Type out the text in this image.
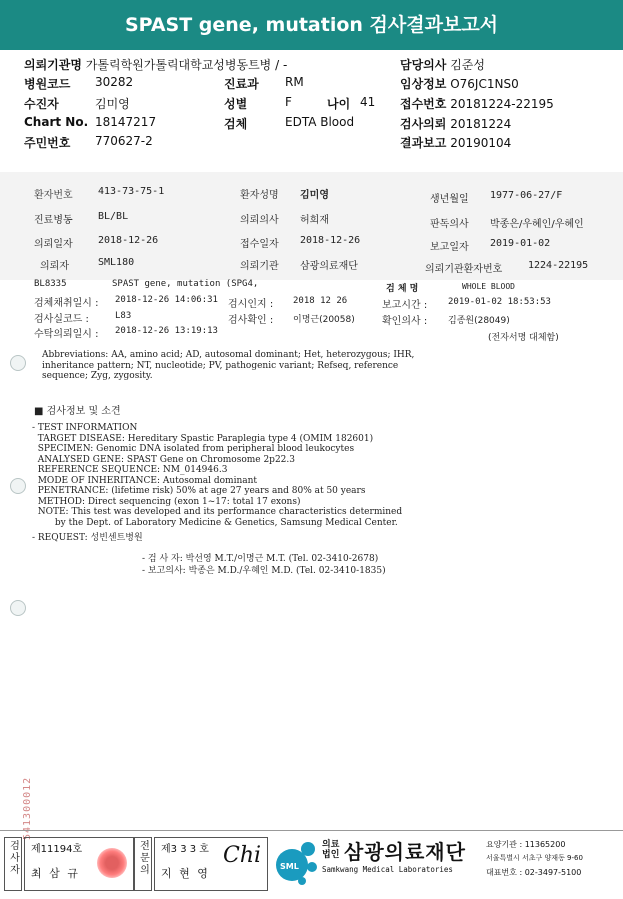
SPAST gene, mutation 검사결과보고서
의뢰기관명 가톨릭학원가톨릭대학교성병동트병 / -
병원코드 30282
수진자	김미영
Chart No. 18147217
주민번호 770627-2
진료과 RM
성별	F	나이 41
검체	EDTA Blood
담당의사 김준성
임상정보 O76JC1NS0
접수번호 20181224-22195
검사의뢰 20181224
결과보고 20190104
환자번호	413-73-75-1	환자성명 김미영	생년월일 1977-06-27/F
진료병동	BL/BL	의뢰의사 허희재	판독의사 박종은/우혜인/우혜인
의뢰일자	2018-12-26	접수일자 2018-12-26
보고일자 2019-01-02
의뢰자	SML180	의뢰기관 삼광의료재단	의뢰기관환자번호	1224-22195
BL8335	SPAST gene, mutation (SPG4,	검 체 명	WHOLE BLOOD
검체채취일시 : 2018-12-26 14:06:31 검시인지 : 2018 12 26	보고시간 : 2019-01-02 18:53:53
검사실코드 :	L83	검사확인 : 이명근(20058)	확인의사 : 김종원(28049)
수탁의뢰일시 : 2018-12-26 13:19:13
(전자서명 대체함)
Abbreviations: AA, amino acid; AD, autosomal dominant; Het, heterozygous; IHR,
inheritance pattern; NT, nucleotide; PV, pathogenic variant; Refseq, reference
sequence; Zyg, zygosity.
■ 검사정보 및 소견
- TEST INFORMATION
TARGET DISEASE: Hereditary Spastic Paraplegia type 4 (OMIM 182601)
SPECIMEN: Genomic DNA isolated from peripheral blood leukocytes
ANALYSED GENE: SPAST Gene on Chromosome 2p22.3
REFERENCE SEQUENCE: NM_014946.3
MODE OF INHERITANCE: Autosomal dominant
PENETRANCE: (lifetime risk) 50% at age 27 years and 80% at 50 years
METHOD: Direct sequencing (exon 1~17: total 17 exons)
NOTE: This test was developed and its performance characteristics determined
by the Dept. of Laboratory Medicine & Genetics, Samsung Medical Center.
- REQUEST: 성빈센트병원
- 검 사 자: 박선영 M.T./이명근 M.T. (Tel. 02-3410-2678)
- 보고의사: 박종은 M.D./우혜인 M.D. (Tel. 02-3410-1835)
541300012
검사자	제11194호
최 삼 규	전문의	제3 3 3 호
지 현 영
Chi SML
의료
법인 삼광의료재단
Samkwang Medical Laboratories
요양기관 : 11365200
서울특별시 서초구 양재동 9-60
대표번호 : 02-3497-5100
